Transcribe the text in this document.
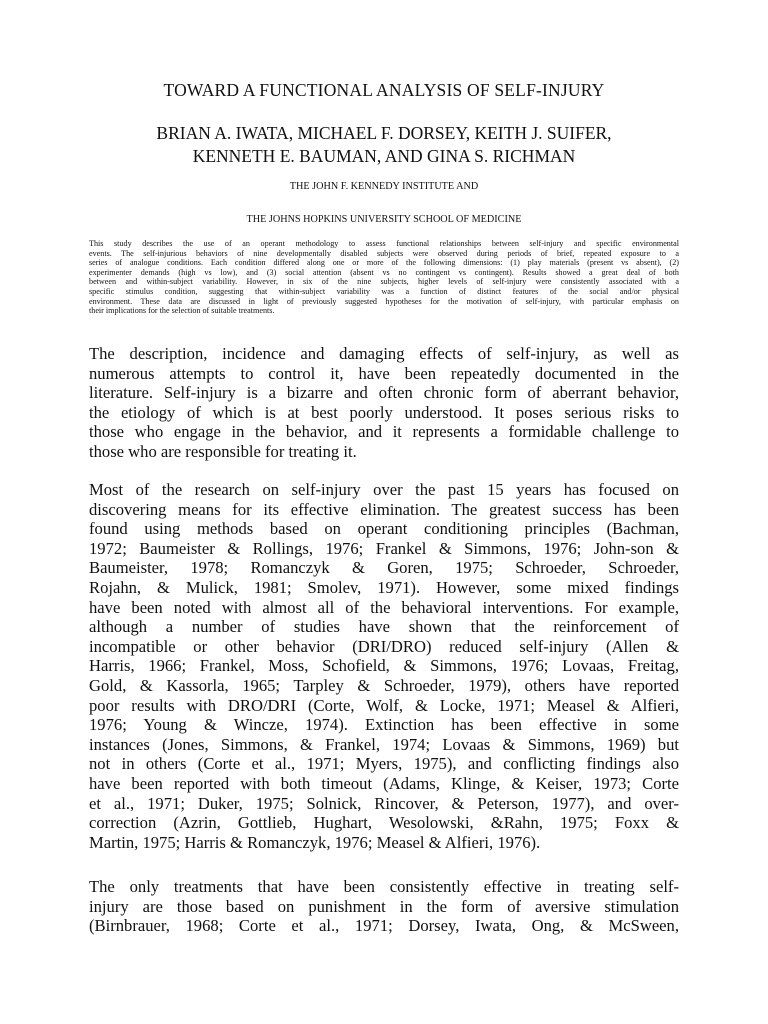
TOWARD A FUNCTIONAL ANALYSIS OF SELF-INJURY
BRIAN A. IWATA, MICHAEL F. DORSEY, KEITH J. SUIFER,
KENNETH E. BAUMAN, AND GINA S. RICHMAN
THE JOHN F. KENNEDY INSTITUTE AND
THE JOHNS HOPKINS UNIVERSITY SCHOOL OF MEDICINE
This study describes the use of an operant methodology to assess functional relationships between self-injury and specific environmental
events. The self-injurious behaviors of nine developmentally disabled subjects were observed during periods of brief, repeated exposure to a
series of analogue conditions. Each condition differed along one or more of the following dimensions: (1) play materials (present vs absent), (2)
experimenter demands (high vs low), and (3) social attention (absent vs no contingent vs contingent). Results showed a great deal of both
between and within-subject variability. However, in six of the nine subjects, higher levels of self-injury were consistently associated with a
specific stimulus condition, suggesting that within-subject variability was a function of distinct features of the social and/or physical
environment. These data are discussed in light of previously suggested hypotheses for the motivation of self-injury, with particular emphasis on
their implications for the selection of suitable treatments.
The description, incidence and damaging effects of self-injury, as well as
numerous attempts to control it, have been repeatedly documented in the
literature. Self-injury is a bizarre and often chronic form of aberrant behavior,
the etiology of which is at best poorly understood. It poses serious risks to
those who engage in the behavior, and it represents a formidable challenge to
those who are responsible for treating it.
Most of the research on self-injury over the past 15 years has focused on
discovering means for its effective elimination. The greatest success has been
found using methods based on operant conditioning principles (Bachman,
1972; Baumeister & Rollings, 1976; Frankel & Simmons, 1976; John-son &
Baumeister, 1978; Romanczyk & Goren, 1975; Schroeder, Schroeder,
Rojahn, & Mulick, 1981; Smolev, 1971). However, some mixed findings
have been noted with almost all of the behavioral interventions. For example,
although a number of studies have shown that the reinforcement of
incompatible or other behavior (DRI/DRO) reduced self-injury (Allen &
Harris, 1966; Frankel, Moss, Schofield, & Simmons, 1976; Lovaas, Freitag,
Gold, & Kassorla, 1965; Tarpley & Schroeder, 1979), others have reported
poor results with DRO/DRI (Corte, Wolf, & Locke, 1971; Measel & Alfieri,
1976; Young & Wincze, 1974). Extinction has been effective in some
instances (Jones, Simmons, & Frankel, 1974; Lovaas & Simmons, 1969) but
not in others (Corte et al., 1971; Myers, 1975), and conflicting findings also
have been reported with both timeout (Adams, Klinge, & Keiser, 1973; Corte
et al., 1971; Duker, 1975; Solnick, Rincover, & Peterson, 1977), and over-
correction (Azrin, Gottlieb, Hughart, Wesolowski, &Rahn, 1975; Foxx &
Martin, 1975; Harris & Romanczyk, 1976; Measel & Alfieri, 1976).
The only treatments that have been consistently effective in treating self-
injury are those based on punishment in the form of aversive stimulation
(Birnbrauer, 1968; Corte et al., 1971; Dorsey, Iwata, Ong, & McSween,
